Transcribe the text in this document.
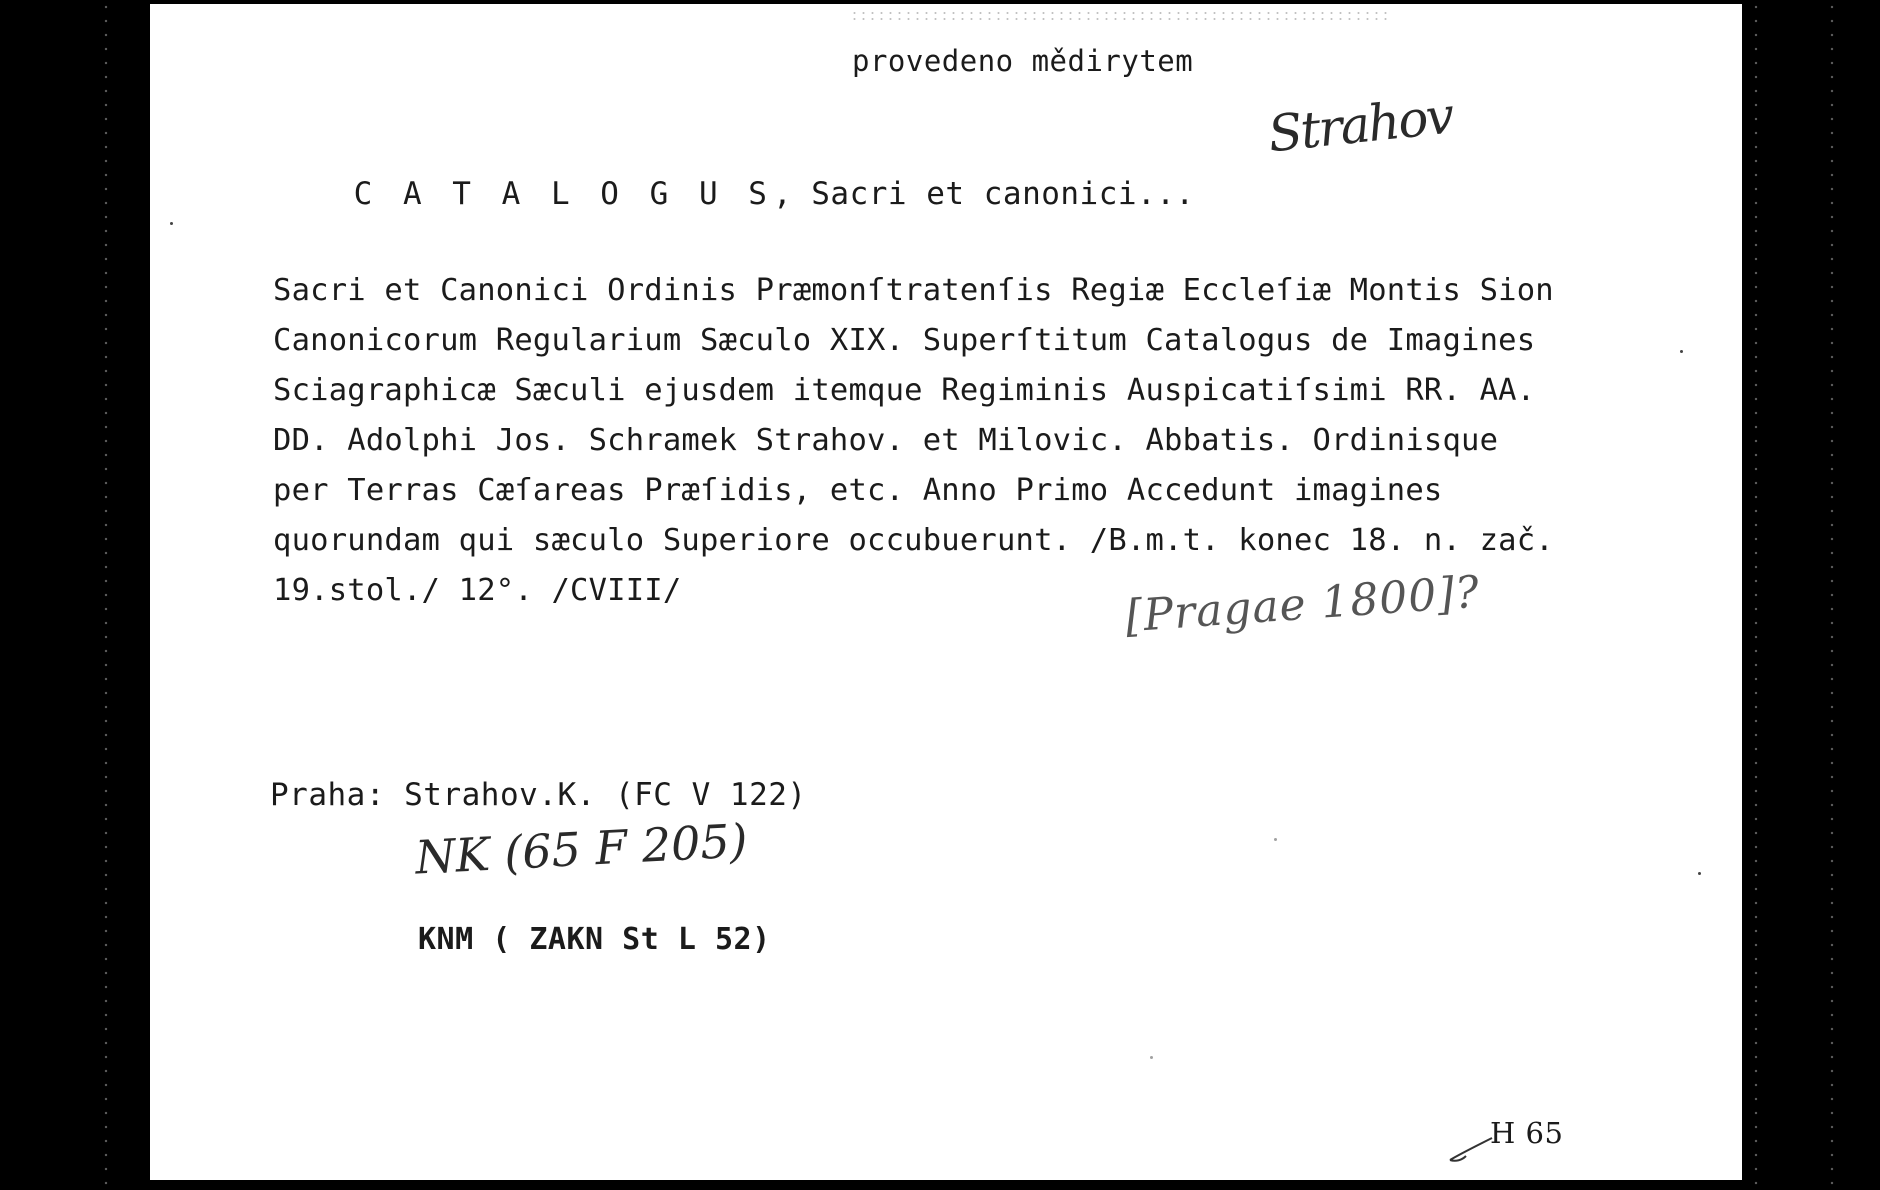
provedeno mědirytem
Strahov

C A T A L O G U S, Sacri et canonici...

Sacri et Canonici Ordinis Præmonſtratenſis Regiæ Eccleſiæ Montis Sion
Canonicorum Regularium Sæculo XIX. Superſtitum Catalogus de Imagines
Sciagraphicæ Sæculi ejusdem itemque Regiminis Auspicatiſsimi RR. AA.
DD. Adolphi Jos. Schramek Strahov. et Milovic. Abbatis. Ordinisque
per Terras Cæſareas Præſidis, etc. Anno Primo Accedunt imagines
quorundam qui sæculo Superiore occubuerunt. /B.m.t. konec 18. n. zač.
19.stol./ 12°. /CVIII/	[Pragae 1800]?
Praha: Strahov.K. (FC V 122)
NK (65 F 205)
KNM ( ZAKN St L 52)
H 65
